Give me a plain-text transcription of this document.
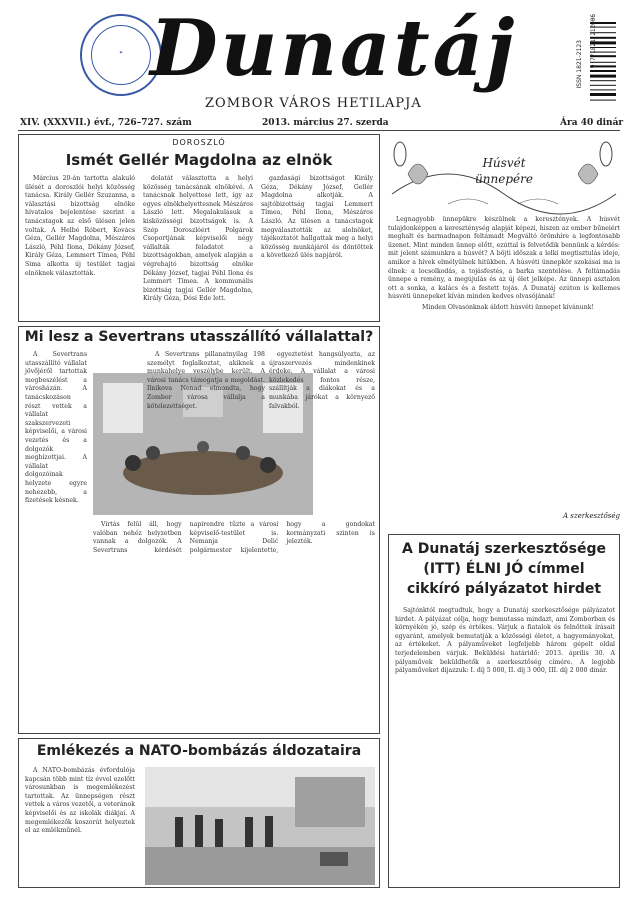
✦ Dunatáj
ZOMBOR VÁROS HETILAPJA
ISSN 1821-2123 9 771821 212006
XIV. (XXXVII.) évf., 726–727. szám	2013. március 27. szerda	Ára 40 dinár
DOROSZLÓ
Ismét Gellér Magdolna az elnök

Március 20-án tartotta alakuló ülését a doroszlói helyi közösség tanácsa. Király Gellér Szuzanna, a választási bizottság elnöke hivatalos bejelentése szerint a tanácstagok az első ülésen jelen voltak. A Helbé Róbert, Kovács Géza, Gellér Magdolna, Mészáros László, Péhl Ilona, Dékány József, Király Géza, Lemmert Tímea, Péhl Sima alkotta új testület tagjai elnöknek választották.

dolatát választotta a helyi közösség tanácsának elnökévé. A tanácsnak helyettese lett, így az egyes elnökhelyettesnek Mészáros László lett. Megalakulásuk a kisközösségi bizottságok is. A Szép Doroszlóért Polgárok Csoportjának képviselői négy vállalták feladatot a bizottságokban, amelyek alapján a végrehajtó bizottság elnöke Dékány József, tagjai Péhl Ilona és Lemmert Tímea. A kommunális bizottság tagjai Gellér Magdolna, Király Géza, Dósi Ede lett.

gazdasági bizottságot Király Géza, Dékány József, Gellér Magdolna alkotják. A sajtóbizottság tagjai Lemmert Tímea, Péhl Ilona, Mészáros László. Az ülésen a tanácstagok megválasztották az alelnöket, tájékoztatót hallgattak meg a helyi közösség munkájáról és döntöttek a következő ülés napjáról.

Mi lesz a Severtrans utasszállító vállalattal?

A Severtrans utasszállító vállalat jövőjéről tartottak megbeszélést a városházán. A tanácskozáson részt vettek a vállalat szakszervezeti képviselői, a városi vezetés és a dolgozók megbízottjai. A vállalat dolgozóinak helyzete egyre nehezebb, a fizetések késnek.

A Severtrans pillanatnyilag 198 személyt foglalkoztat, akiknek a munkahelye veszélybe került. A városi tanács támogatja a megoldást. Ilnikova Nenad elmondta, hogy Zombor városa vállalja a kötelezettséget.

egyeztetést hangsúlyozta, az újraszervezés mindenkinek érdeke. A vállalat a városi közlekedés fontos része, szállítják a diákokat és a munkába járókat a környező falvakból.

Virtás felül áll, hogy valóban nehéz helyzetben vannak a dolgozók. A Severtrans kérdését napirendre tűzte a városi képviselő-testület is. Nemanja Delić polgármester kijelentette, hogy a gondokat kormányzati szinten is jelezték.

Emlékezés a NATO-bombázás áldozataira

A NATO-bombázás évfordulója kapcsán több mint tíz évvel ezelőtt városunkban is megemlékezést tartottak. Az ünnepségen részt vettek a város vezetői, a veteránok képviselői és az iskolák diákjai. A megemlékezők koszorút helyeztek el az emlékműnél.

Húsvét
ünnepére

Legnagyobb ünnepükre készülnek a keresztények. A húsvét tulajdonképpen a kereszténység alapját képezi, hiszen az ember bűneiért meghalt és harmadnapon feltámadt Megváltó örömhíre a legfontosabb üzenet. Mint minden ünnep előtt, ezúttal is felvetődik bennünk a kérdés: mit jelent számunkra a húsvét? A böjti időszak a lelki megtisztulás ideje, amikor a hívek elmélyülnek hitükben. A húsvéti ünnepkör szokásai ma is élnek: a locsolkodás, a tojásfestés, a barka szentelése. A feltámadás ünnepe a remény, a megújulás és az új élet jelképe. Az ünnepi asztalon ott a sonka, a kalács és a festett tojás. A Dunatáj ezúton is kellemes húsvéti ünnepeket kíván minden kedves olvasójának!

Minden Olvasónknak áldott húsvéti ünnepet kívánunk!

A szerkesztőség
A Dunatáj szerkesztősége
(ITT) ÉLNI JÓ címmel
cikkíró pályázatot hirdet

Sajtónktól megtudtuk, hogy a Dunatáj szerkesztősége pályázatot hirdet. A pályázat célja, hogy bemutassa mindazt, ami Zomborban és környékén jó, szép és értékes. Várjuk a fiatalok és felnőttek írásait egyaránt, amelyek bemutatják a közösségi életet, a hagyományokat, az értékeket. A pályaműveket legfeljebb három gépelt oldal terjedelemben várjuk. Beküldési határidő: 2013. április 30. A pályaművek beküldhetők a szerkesztőség címére. A legjobb pályaműveket díjazzuk: I. díj 5 000, II. díj 3 000, III. díj 2 000 dinár.
